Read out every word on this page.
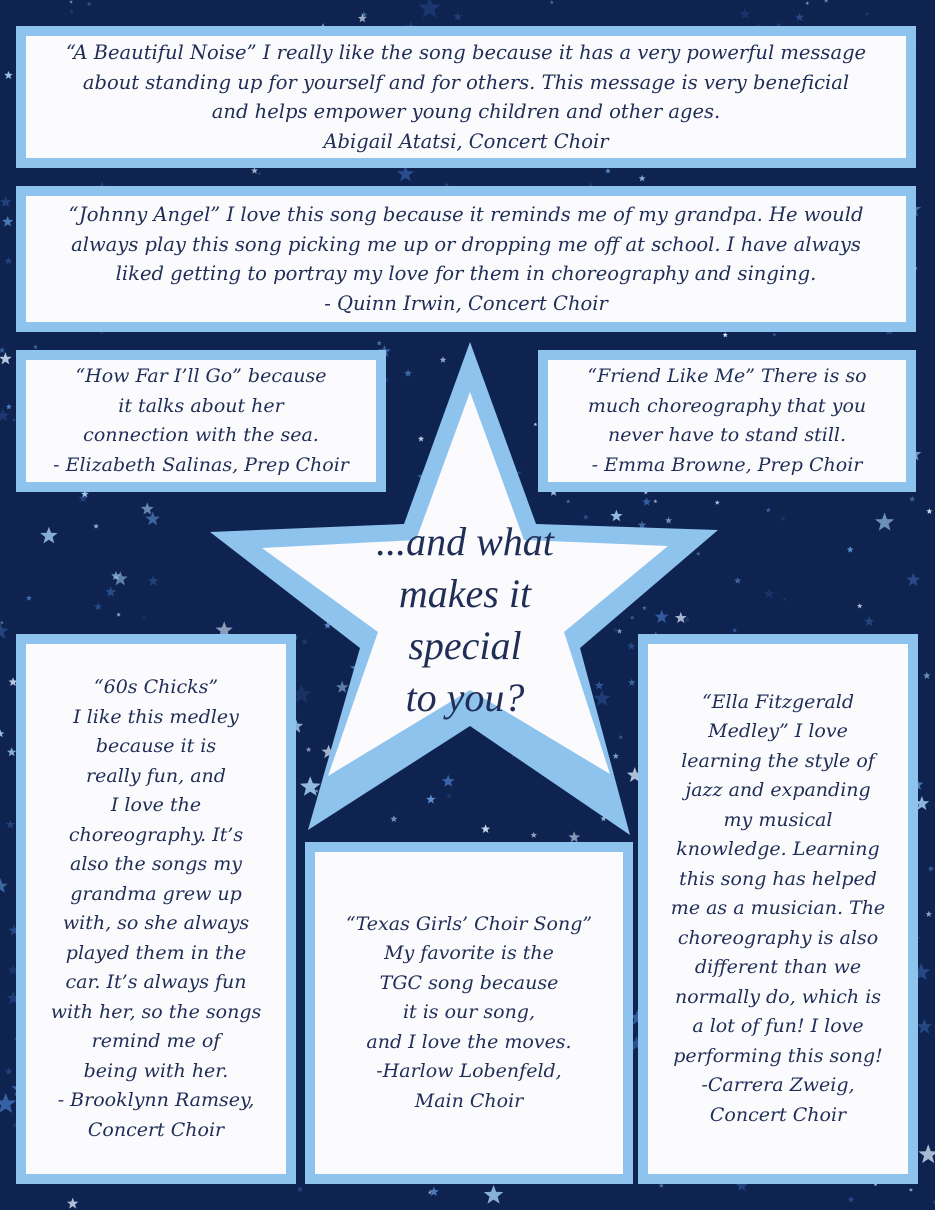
“A Beautiful Noise” I really like the song because it has a very powerful message
about standing up for yourself and for others. This message is very beneficial
and helps empower young children and other ages.
Abigail Atatsi, Concert Choir
“Johnny Angel” I love this song because it reminds me of my grandpa. He would
always play this song picking me up or dropping me off at school. I have always
liked getting to portray my love for them in choreography and singing.
- Quinn Irwin, Concert Choir
“How Far I’ll Go” because
it talks about her
connection with the sea.
- Elizabeth Salinas, Prep Choir
“Friend Like Me” There is so
much choreography that you
never have to stand still.
- Emma Browne, Prep Choir
“60s Chicks”
I like this medley
because it is
really fun, and
I love the
choreography. It’s
also the songs my
grandma grew up
with, so she always
played them in the
car. It’s always fun
with her, so the songs
remind me of
being with her.
- Brooklynn Ramsey,
Concert Choir
“Texas Girls’ Choir Song”
My favorite is the
TGC song because
it is our song,
and I love the moves.
-Harlow Lobenfeld,
Main Choir
“Ella Fitzgerald
Medley” I love
learning the style of
jazz and expanding
my musical
knowledge. Learning
this song has helped
me as a musician. The
choreography is also
different than we
normally do, which is
a lot of fun! I love
performing this song!
-Carrera Zweig,
Concert Choir
...and what
makes it
special
to you?
